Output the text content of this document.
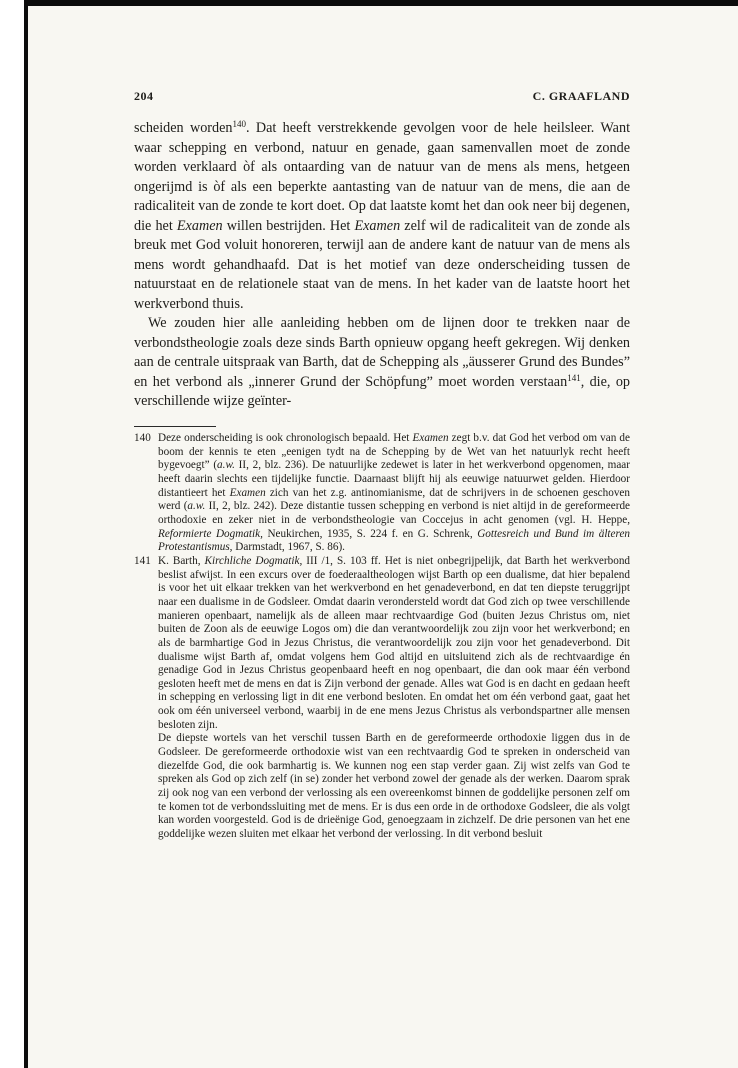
204	C. GRAAFLAND

scheiden worden$^{140}$. Dat heeft verstrekkende gevolgen voor de hele heilsleer. Want waar schepping en verbond, natuur en genade, gaan samenvallen moet de zonde worden verklaard òf als ontaarding van de natuur van de mens als mens, hetgeen ongerijmd is òf als een beperkte aantasting van de natuur van de mens, die aan de radicaliteit van de zonde te kort doet. Op dat laatste komt het dan ook neer bij degenen, die het Examen willen bestrijden. Het Examen zelf wil de radicaliteit van de zonde als breuk met God voluit honoreren, terwijl aan de andere kant de natuur van de mens als mens wordt gehandhaafd. Dat is het motief van deze onderscheiding tussen de natuurstaat en de relationele staat van de mens. In het kader van de laatste hoort het werkverbond thuis.

We zouden hier alle aanleiding hebben om de lijnen door te trekken naar de verbondstheologie zoals deze sinds Barth opnieuw opgang heeft gekregen. Wij denken aan de centrale uitspraak van Barth, dat de Schepping als „äusserer Grund des Bundes” en het verbond als „innerer Grund der Schöpfung” moet worden verstaan$^{141}$, die, op verschillende wijze geïnter-

140 Deze onderscheiding is ook chronologisch bepaald. Het Examen zegt b.v. dat God het verbod om van de boom der kennis te eten „eenigen tydt na de Schepping by de Wet van het natuurlyk recht heeft bygevoegt” (a.w. II, 2, blz. 236). De natuurlijke zedewet is later in het werkverbond opgenomen, maar heeft daarin slechts een tijdelijke functie. Daarnaast blijft hij als eeuwige natuurwet gelden. Hierdoor distantieert het Examen zich van het z.g. antinomianisme, dat de schrijvers in de schoenen geschoven werd (a.w. II, 2, blz. 242). Deze distantie tussen schepping en verbond is niet altijd in de gereformeerde orthodoxie en zeker niet in de verbondstheologie van Coccejus in acht genomen (vgl. H. Heppe, Reformierte Dogmatik, Neukirchen, 1935, S. 224 f. en G. Schrenk, Gottesreich und Bund im älteren Protestantismus, Darmstadt, 1967, S. 86).
141 K. Barth, Kirchliche Dogmatik, III /1, S. 103 ff. Het is niet onbegrijpelijk, dat Barth het werkverbond beslist afwijst. In een excurs over de foederaaltheologen wijst Barth op een dualisme, dat hier bepalend is voor het uit elkaar trekken van het werkverbond en het genadeverbond, en dat ten diepste teruggrijpt naar een dualisme in de Godsleer. Omdat daarin verondersteld wordt dat God zich op twee verschillende manieren openbaart, namelijk als de alleen maar rechtvaardige God (buiten Jezus Christus om, niet buiten de Zoon als de eeuwige Logos om) die dan verantwoordelijk zou zijn voor het werkverbond; en als de barmhartige God in Jezus Christus, die verantwoordelijk zou zijn voor het genadeverbond. Dit dualisme wijst Barth af, omdat volgens hem God altijd en uitsluitend zich als de rechtvaardige én genadige God in Jezus Christus geopenbaard heeft en nog openbaart, die dan ook maar één verbond gesloten heeft met de mens en dat is Zijn verbond der genade. Alles wat God is en dacht en gedaan heeft in schepping en verlossing ligt in dit ene verbond besloten. En omdat het om één verbond gaat, gaat het ook om één universeel verbond, waarbij in de ene mens Jezus Christus als verbondspartner alle mensen besloten zijn.
De diepste wortels van het verschil tussen Barth en de gereformeerde orthodoxie liggen dus in de Godsleer. De gereformeerde orthodoxie wist van een rechtvaardig God te spreken in onderscheid van diezelfde God, die ook barmhartig is. We kunnen nog een stap verder gaan. Zij wist zelfs van God te spreken als God op zich zelf (in se) zonder het verbond zowel der genade als der werken. Daarom sprak zij ook nog van een verbond der verlossing als een overeenkomst binnen de goddelijke personen zelf om te komen tot de verbondssluiting met de mens. Er is dus een orde in de orthodoxe Godsleer, die als volgt kan worden voorgesteld. God is de drieënige God, genoegzaam in zichzelf. De drie personen van het ene goddelijke wezen sluiten met elkaar het verbond der verlossing. In dit verbond besluit
